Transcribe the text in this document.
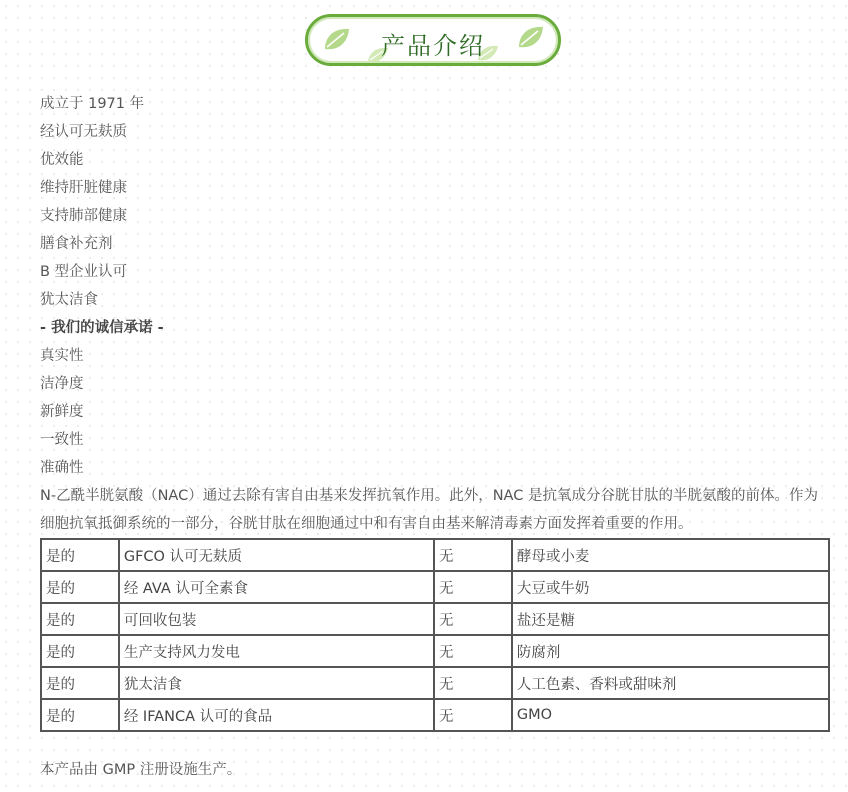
产品介绍
成立于 1971 年
经认可无麸质
优效能
维持肝脏健康
支持肺部健康
膳食补充剂
B 型企业认可
犹太洁食
- 我们的诚信承诺 -
真实性
洁净度
新鲜度
一致性
准确性

N-乙酰半胱氨酸（NAC）通过去除有害自由基来发挥抗氧作用。此外，NAC 是抗氧成分谷胱甘肽的半胱氨酸的前体。作为细胞抗氧抵御系统的一部分，谷胱甘肽在细胞通过中和有害自由基来解清毒素方面发挥着重要的作用。

是的	GFCO 认可无麸质	无	酵母或小麦
是的	经 AVA 认可全素食	无	大豆或牛奶
是的	可回收包装	无	盐还是糖
是的	生产支持风力发电	无	防腐剂
是的	犹太洁食	无	人工色素、香料或甜味剂
是的	经 IFANCA 认可的食品	无	GMO
本产品由 GMP 注册设施生产。
